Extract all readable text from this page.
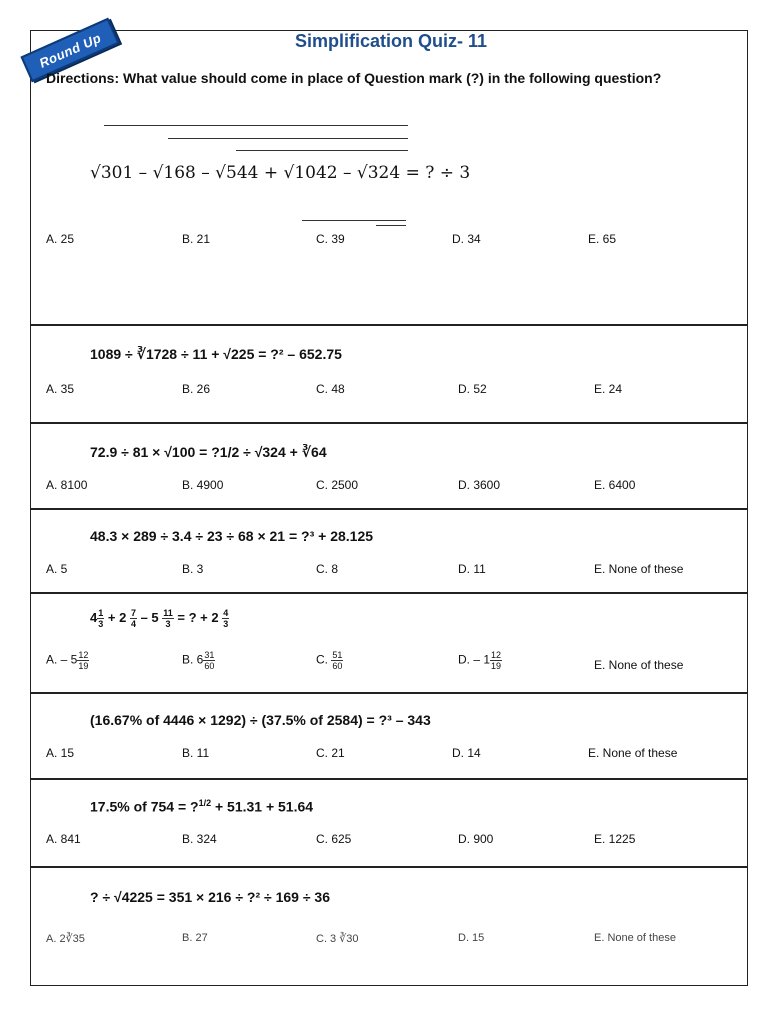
Round Up	Simplification Quiz- 11
Directions: What value should come in place of Question mark (?) in the following question?
√301 – √168 – √544 + √1042 – √324 = ? ÷ 3
A. 25	B. 21	C. 39	D. 34	E. 65
1089 ÷ ∛1728 ÷ 11 + √225 = ?² – 652.75
A. 35	B. 26	C. 48	D. 52	E. 24
72.9 ÷ 81 × √100 = ?1/2 ÷ √324 + ∛64
A. 8100	B. 4900	C. 2500	D. 3600	E. 6400
48.3 × 289 ÷ 3.4 ÷ 23 ÷ 68 × 21 = ?³ + 28.125
A. 5	B. 3	C. 8	D. 11	E. None of these
$4 \frac{1}{3} + 2 \frac{7}{4} - 5 \frac{11}{3}$ = ? + $2 \frac{4}{3}$
A. – $5 \frac{12}{19}$	B. $6 \frac{31}{60}$	C. $\frac{51}{60}$	D. – $1 \frac{12}{19}$	E. None of these
(16.67% of 4446 × 1292) ÷ (37.5% of 2584) = ?³ – 343
A. 15	B. 11	C. 21	D. 14	E. None of these
17.5% of 754 = ?$^{1/2}$ + 51.31 + 51.64
A. 841	B. 324	C. 625	D. 900	E. 1225
? ÷ √4225 = 351 × 216 ÷ ?² ÷ 169 ÷ 36
A. 2∛35	B. 27	C. 3 ∛30	D. 15	E. None of these
